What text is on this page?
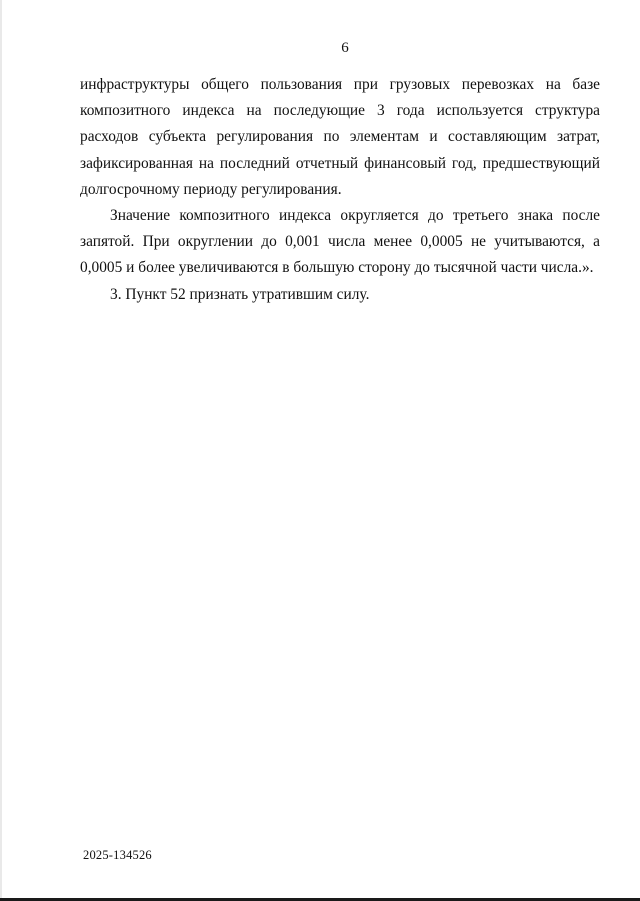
6

инфраструктуры общего пользования при грузовых перевозках на базе композитного индекса на последующие 3 года используется структура расходов субъекта регулирования по элементам и составляющим затрат, зафиксированная на последний отчетный финансовый год, предшествующий долгосрочному периоду регулирования.

Значение композитного индекса округляется до третьего знака после запятой. При округлении до 0,001 числа менее 0,0005 не учитываются, а 0,0005 и более увеличиваются в большую сторону до тысячной части числа.».

3. Пункт 52 признать утратившим силу.

2025-134526
